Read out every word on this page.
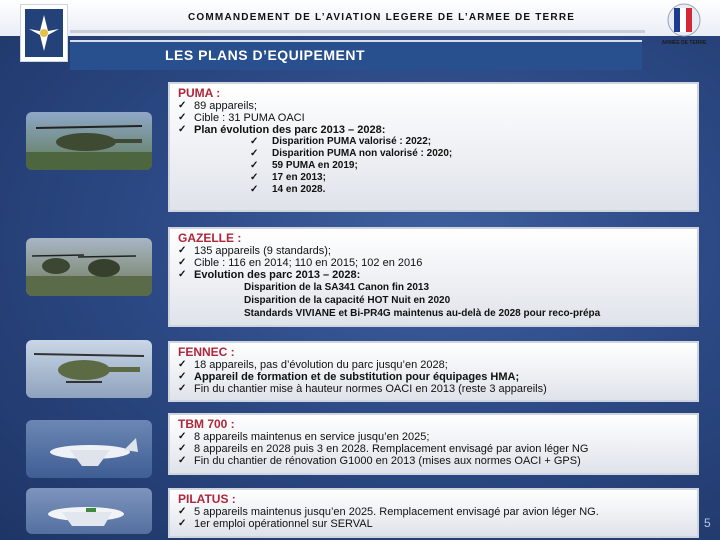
COMMANDEMENT DE L’AVIATION LEGERE DE L’ARMEE DE TERRE
ARMÉE DE TERRE
LES PLANS D’EQUIPEMENT
PUMA :
✓ 89 appareils;
✓ Cible : 31 PUMA OACI
✓ Plan évolution des parc 2013 – 2028:
✓	Disparition PUMA valorisé : 2022;
✓	Disparition PUMA non valorisé : 2020;
✓	59 PUMA en 2019;
✓	17 en 2013;
✓	14 en 2028.
GAZELLE :
✓ 135 appareils (9 standards);
✓ Cible : 116 en 2014; 110 en 2015; 102 en 2016
✓ Evolution des parc 2013 – 2028:
Disparition de la SA341 Canon fin 2013
Disparition de la capacité HOT Nuit en 2020
Standards VIVIANE et Bi-PR4G maintenus au-delà de 2028 pour reco-prépa
FENNEC :
✓ 18 appareils, pas d’évolution du parc jusqu’en 2028;
✓ Appareil de formation et de substitution pour équipages HMA;
✓ Fin du chantier mise à hauteur normes OACI en 2013 (reste 3 appareils)
TBM 700 :
✓ 8 appareils maintenus en service jusqu’en 2025;
✓ 8 appareils en 2028 puis 3 en 2028. Remplacement envisagé par avion léger NG
✓ Fin du chantier de rénovation G1000 en 2013 (mises aux normes OACI + GPS)
PILATUS :
✓ 5 appareils maintenus jusqu’en 2025. Remplacement envisagé par avion léger NG.
✓ 1er emploi opérationnel sur SERVAL	5
